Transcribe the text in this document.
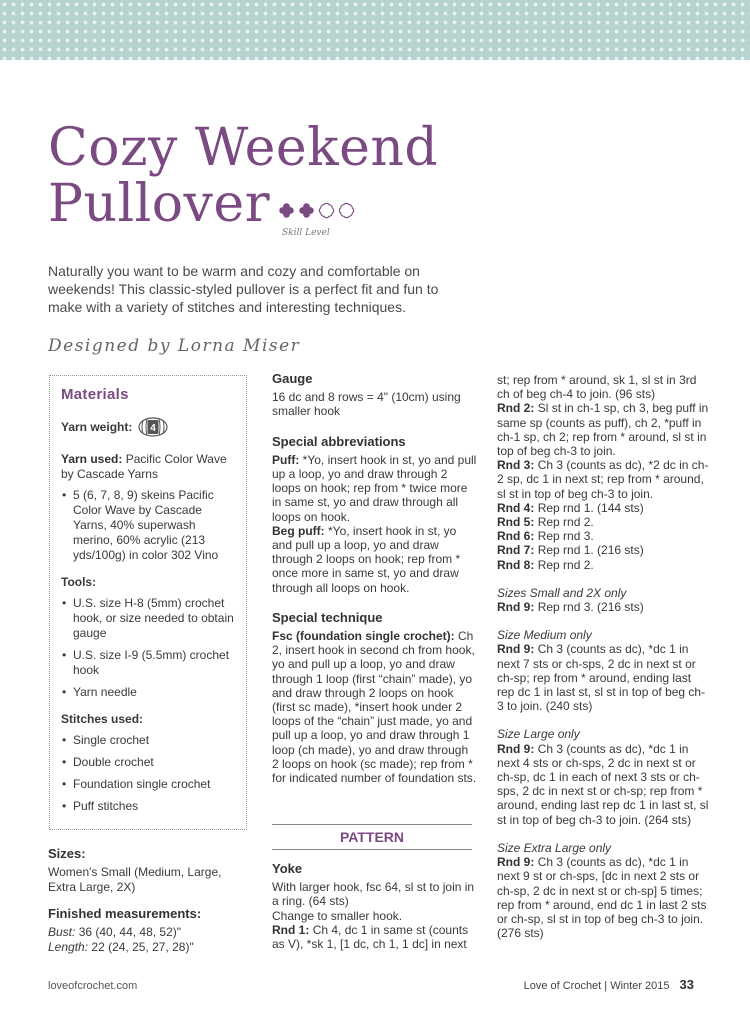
Cozy Weekend
Pullover	Skill Level

Naturally you want to be warm and cozy and comfortable on weekends! This classic-styled pullover is a perfect fit and fun to make with a variety of stitches and interesting techniques.

Designed by Lorna Miser
Materials
Yarn weight: 4
Yarn used: Pacific Color Wave by Cascade Yarns
• 5 (6, 7, 8, 9) skeins Pacific Color Wave by Cascade Yarns, 40% superwash merino, 60% acrylic (213 yds/100g) in color 302 Vino
Tools:
• U.S. size H-8 (5mm) crochet hook, or size needed to obtain gauge
• U.S. size I-9 (5.5mm) crochet hook
• Yarn needle
Stitches used:
• Single crochet
• Double crochet
• Foundation single crochet
• Puff stitches
Sizes:
Women's Small (Medium, Large, Extra Large, 2X)
Finished measurements:
Bust: 36 (40, 44, 48, 52)"
Length: 22 (24, 25, 27, 28)"
Gauge

16 dc and 8 rows = 4" (10cm) using smaller hook

Special abbreviations

Puff: *Yo, insert hook in st, yo and pull up a loop, yo and draw through 2 loops on hook; rep from * twice more in same st, yo and draw through all loops on hook.

Beg puff: *Yo, insert hook in st, yo and pull up a loop, yo and draw through 2 loops on hook; rep from * once more in same st, yo and draw through all loops on hook.

Special technique

Fsc (foundation single crochet): Ch 2, insert hook in second ch from hook, yo and pull up a loop, yo and draw through 1 loop (first “chain” made), yo and draw through 2 loops on hook (first sc made), *insert hook under 2 loops of the “chain” just made, yo and pull up a loop, yo and draw through 1 loop (ch made), yo and draw through 2 loops on hook (sc made); rep from * for indicated number of foundation sts.

PATTERN
Yoke
With larger hook, fsc 64, sl st to join in a ring. (64 sts)
Change to smaller hook.
Rnd 1: Ch 4, dc 1 in same st (counts as V), *sk 1, [1 dc, ch 1, 1 dc] in next

st; rep from * around, sk 1, sl st in 3rd ch of beg ch-4 to join. (96 sts)

Rnd 2: Sl st in ch-1 sp, ch 3, beg puff in same sp (counts as puff), ch 2, *puff in ch-1 sp, ch 2; rep from * around, sl st in top of beg ch-3 to join.

Rnd 3: Ch 3 (counts as dc), *2 dc in ch-2 sp, dc 1 in next st; rep from * around, sl st in top of beg ch-3 to join.

Rnd 4: Rep rnd 1. (144 sts)

Rnd 5: Rep rnd 2.

Rnd 6: Rep rnd 3.

Rnd 7: Rep rnd 1. (216 sts)

Rnd 8: Rep rnd 2.

Sizes Small and 2X only

Rnd 9: Rep rnd 3. (216 sts)

Size Medium only

Rnd 9: Ch 3 (counts as dc), *dc 1 in next 7 sts or ch-sps, 2 dc in next st or ch-sp; rep from * around, ending last rep dc 1 in last st, sl st in top of beg ch-3 to join. (240 sts)

Size Large only

Rnd 9: Ch 3 (counts as dc), *dc 1 in next 4 sts or ch-sps, 2 dc in next st or ch-sp, dc 1 in each of next 3 sts or ch-sps, 2 dc in next st or ch-sp; rep from * around, ending last rep dc 1 in last st, sl st in top of beg ch-3 to join. (264 sts)

Size Extra Large only

Rnd 9: Ch 3 (counts as dc), *dc 1 in next 9 st or ch-sps, [dc in next 2 sts or ch-sp, 2 dc in next st or ch-sp] 5 times; rep from * around, end dc 1 in last 2 sts or ch-sp, sl st in top of beg ch-3 to join. (276 sts)

loveofcrochet.com	Love of Crochet | Winter 2015 33
